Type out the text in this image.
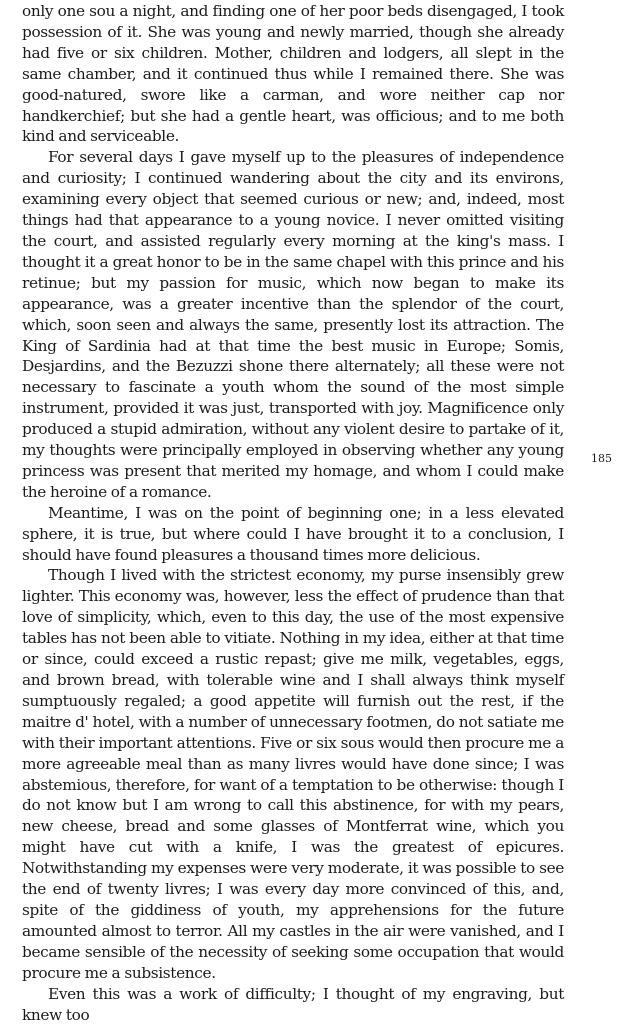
only one sou a night, and finding one of her poor beds disengaged, I took possession of it. She was young and newly married, though she already had five or six children. Mother, children and lodgers, all slept in the same chamber, and it continued thus while I remained there. She was good-natured, swore like a carman, and wore neither cap nor handkerchief; but she had a gentle heart, was officious; and to me both kind and serviceable.

For several days I gave myself up to the pleasures of independence and curiosity; I continued wandering about the city and its environs, examining every object that seemed curious or new; and, indeed, most things had that appearance to a young novice. I never omitted visiting the court, and assisted regularly every morning at the king's mass. I thought it a great honor to be in the same chapel with this prince and his retinue; but my passion for music, which now began to make its appearance, was a greater incentive than the splendor of the court, which, soon seen and always the same, presently lost its attraction. The King of Sardinia had at that time the best music in Europe; Somis, Desjardins, and the Bezuzzi shone there alternately; all these were not necessary to fascinate a youth whom the sound of the most simple instrument, provided it was just, transported with joy. Magnificence only produced a stupid admiration, without any violent desire to partake of it, my thoughts were principally employed in observing whether any young princess was present that merited my homage, and whom I could make the heroine of a romance.

Meantime, I was on the point of beginning one; in a less elevated sphere, it is true, but where could I have brought it to a conclusion, I should have found pleasures a thousand times more delicious.

Though I lived with the strictest economy, my purse insensibly grew lighter. This economy was, however, less the effect of prudence than that love of simplicity, which, even to this day, the use of the most expensive tables has not been able to vitiate. Nothing in my idea, either at that time or since, could exceed a rustic repast; give me milk, vegetables, eggs, and brown bread, with tolerable wine and I shall always think myself sumptuously regaled; a good appetite will furnish out the rest, if the maitre d' hotel, with a number of unnecessary footmen, do not satiate me with their important attentions. Five or six sous would then procure me a more agreeable meal than as many livres would have done since; I was abstemious, therefore, for want of a temptation to be otherwise: though I do not know but I am wrong to call this abstinence, for with my pears, new cheese, bread and some glasses of Montferrat wine, which you might have cut with a knife, I was the greatest of epicures. Notwithstanding my expenses were very moderate, it was possible to see the end of twenty livres; I was every day more convinced of this, and, spite of the giddiness of youth, my apprehensions for the future amounted almost to terror. All my castles in the air were vanished, and I became sensible of the necessity of seeking some occupation that would procure me a subsistence.

Even this was a work of difficulty; I thought of my engraving, but knew too

185
